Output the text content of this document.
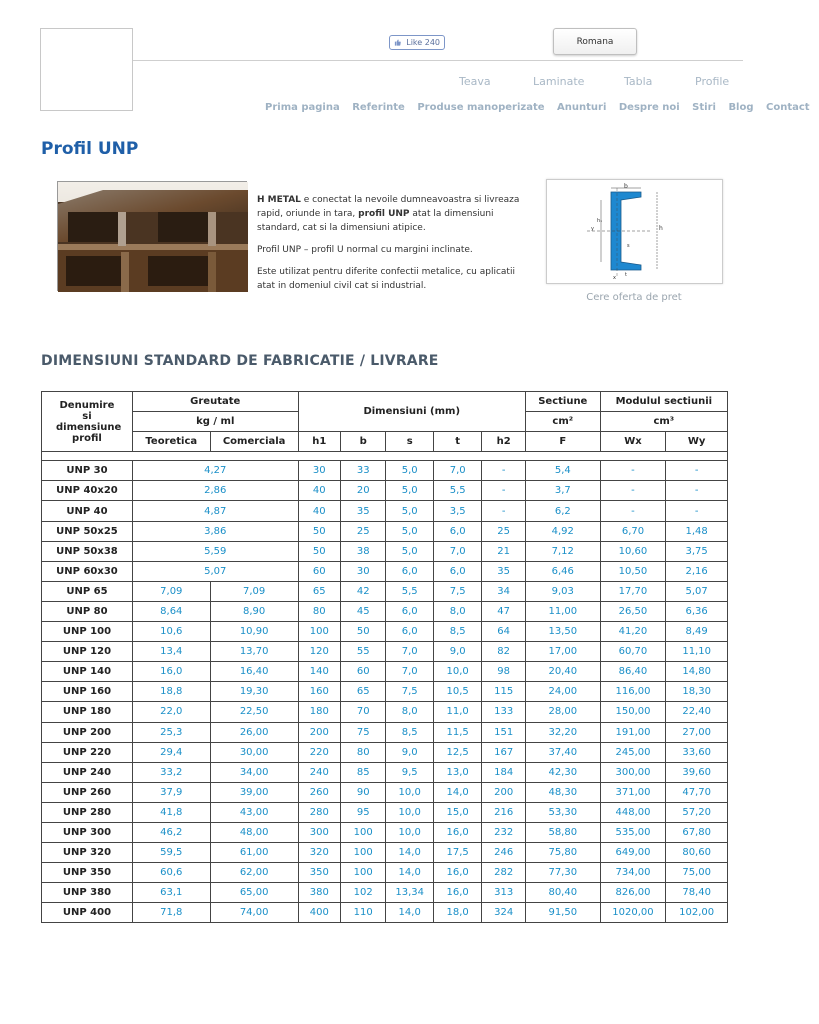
Like 240	Romana
Teava	Laminate	Tabla	Profile
Prima pagina Referinte Produse manoperizate Anunturi Despre noi Stiri Blog Contact
Profil UNP

H METAL e conectat la nevoile dumneavoastra si livreaza rapid, oriunde in tara, profil UNP atat la dimensiuni standard, cat si la dimensiuni atipice.

Profil UNP – profil U normal cu margini inclinate.

Este utilizat pentru diferite confectii metalice, cu aplicatii atat in domeniul civil cat si industrial.

b
h₁
h
y
x
s
t
Cere oferta de pret
DIMENSIUNI STANDARD DE FABRICATIE / LIVRARE
Denumire si dimensiune profil	Greutate		Dimensiuni (mm)					Sectiune	Modulul sectiunii	
	kg / ml							cm²	cm³	
	Teoretica	Comerciala	h1	b	s	t	h2	F	Wx	Wy

UNP 30	4,27		30	33	5,0	7,0	-	5,4	-	-
UNP 40x20	2,86		40	20	5,0	5,5	-	3,7	-	-
UNP 40	4,87		40	35	5,0	3,5	-	6,2	-	-
UNP 50x25	3,86		50	25	5,0	6,0	25	4,92	6,70	1,48
UNP 50x38	5,59		50	38	5,0	7,0	21	7,12	10,60	3,75
UNP 60x30	5,07		60	30	6,0	6,0	35	6,46	10,50	2,16
UNP 65	7,09	7,09	65	42	5,5	7,5	34	9,03	17,70	5,07
UNP 80	8,64	8,90	80	45	6,0	8,0	47	11,00	26,50	6,36
UNP 100	10,6	10,90	100	50	6,0	8,5	64	13,50	41,20	8,49
UNP 120	13,4	13,70	120	55	7,0	9,0	82	17,00	60,70	11,10
UNP 140	16,0	16,40	140	60	7,0	10,0	98	20,40	86,40	14,80
UNP 160	18,8	19,30	160	65	7,5	10,5	115	24,00	116,00	18,30
UNP 180	22,0	22,50	180	70	8,0	11,0	133	28,00	150,00	22,40
UNP 200	25,3	26,00	200	75	8,5	11,5	151	32,20	191,00	27,00
UNP 220	29,4	30,00	220	80	9,0	12,5	167	37,40	245,00	33,60
UNP 240	33,2	34,00	240	85	9,5	13,0	184	42,30	300,00	39,60
UNP 260	37,9	39,00	260	90	10,0	14,0	200	48,30	371,00	47,70
UNP 280	41,8	43,00	280	95	10,0	15,0	216	53,30	448,00	57,20
UNP 300	46,2	48,00	300	100	10,0	16,0	232	58,80	535,00	67,80
UNP 320	59,5	61,00	320	100	14,0	17,5	246	75,80	649,00	80,60
UNP 350	60,6	62,00	350	100	14,0	16,0	282	77,30	734,00	75,00
UNP 380	63,1	65,00	380	102	13,34	16,0	313	80,40	826,00	78,40
UNP 400	71,8	74,00	400	110	14,0	18,0	324	91,50	1020,00	102,00
